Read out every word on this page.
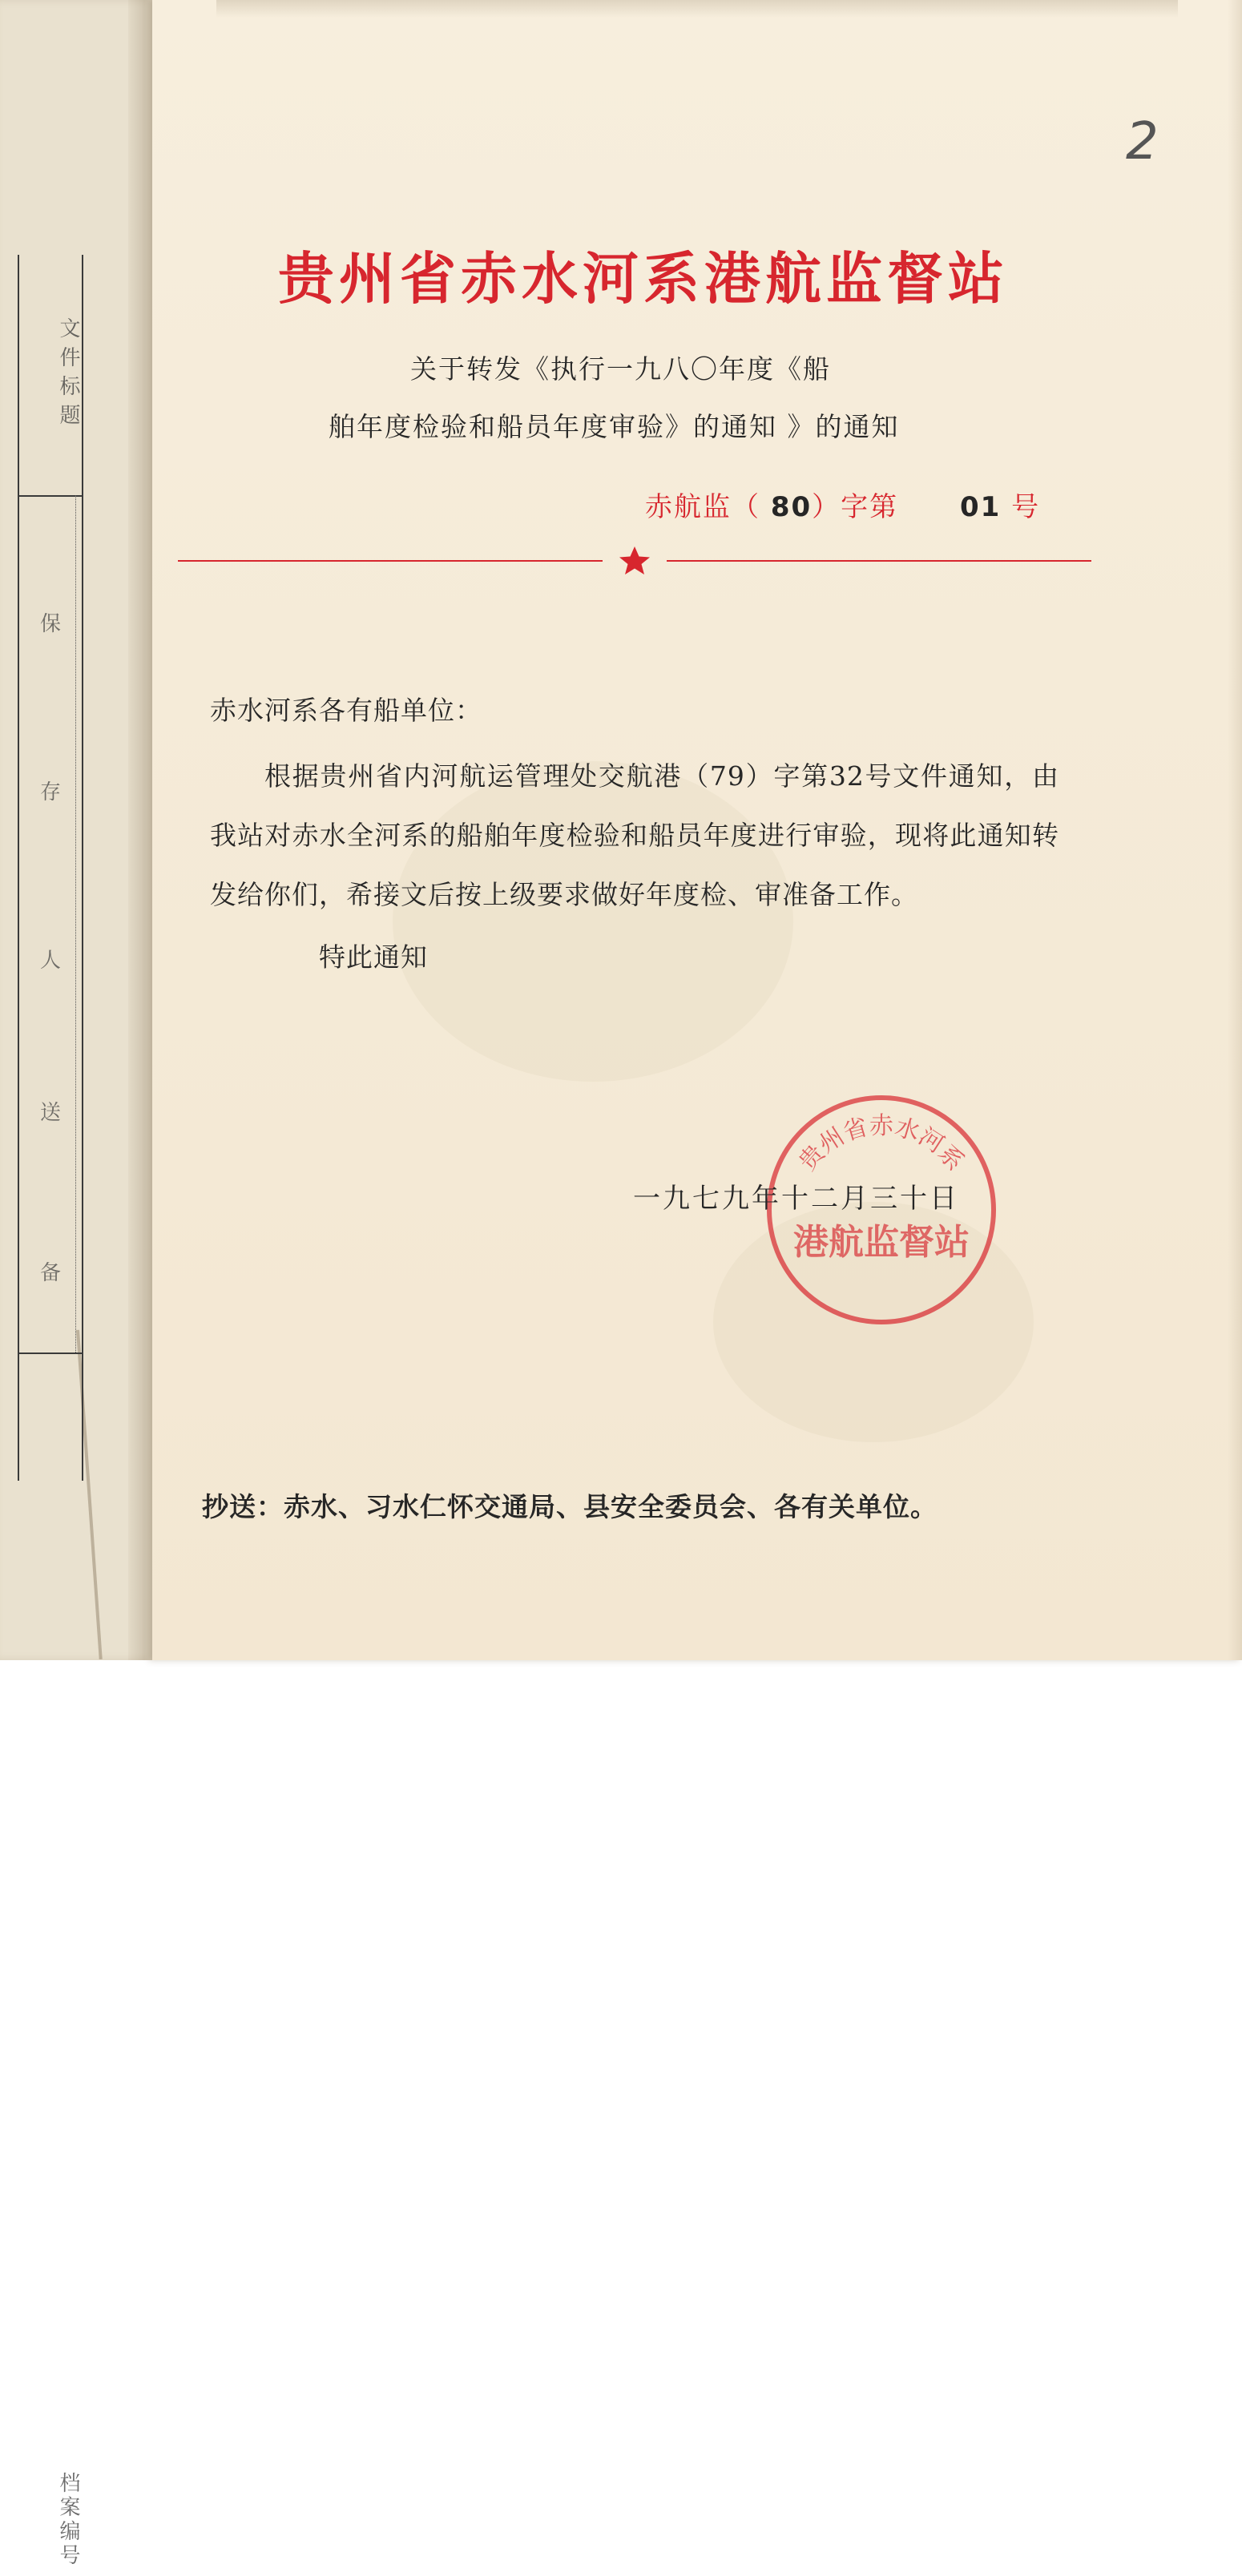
文件标题
保
存
人
送
备
档案编号
2
贵州省赤水河系港航监督站
关于转发《执行一九八〇年度《船
舶年度检验和船员年度审验》的通知 》的通知
赤航监（ 80）字第 01 号
赤水河系各有船单位：
根据贵州省内河航运管理处交航港（79）字第32号文件通知，由我站对赤水全河系的船舶年度检验和船员年度进行审验，现将此通知转发给你们，希接文后按上级要求做好年度检、审准备工作。
特此通知
贵州省赤水河系
港航监督站
一九七九年十二月三十日
抄送：赤水、习水仁怀交通局、县安全委员会、各有关单位。
